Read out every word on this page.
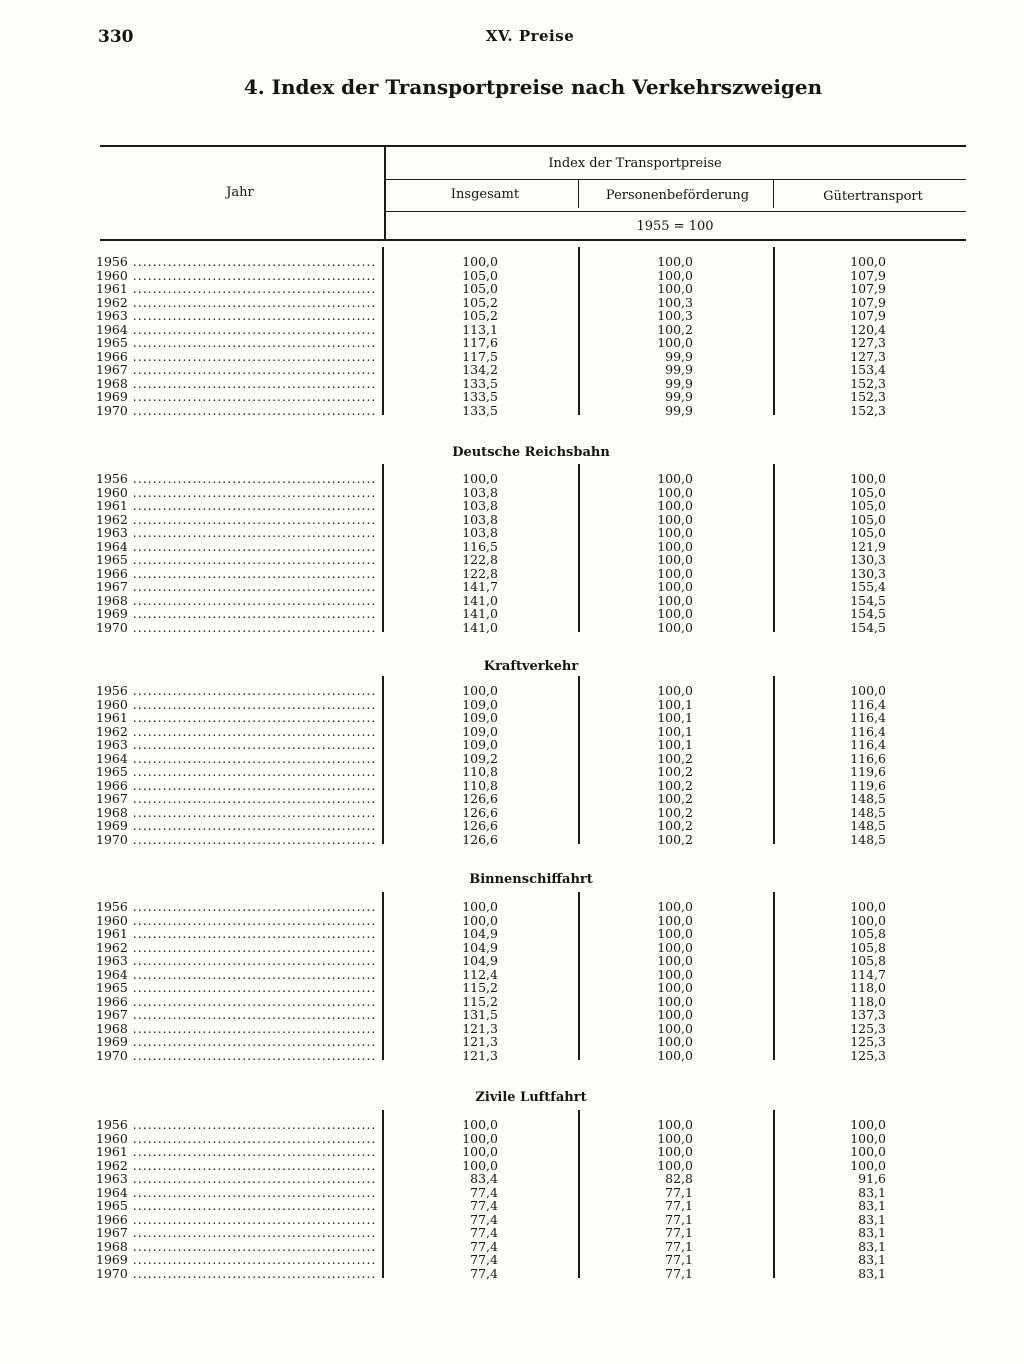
330	XV. Preise
4. Index der Transportpreise nach Verkehrszweigen
Jahr
Index der Transportpreise
Insgesamt	Personenbeförderung	Gütertransport
1955 = 100
1956 .....	100,0	100,0	100,0
1960 .....	105,0	100,0	107,9
1961 .....	105,0	100,0	107,9
1962 .....	105,2	100,3	107,9
1963 .....	105,2	100,3	107,9
1964 .....	113,1	100,2	120,4
1965 .....	117,6	100,0	127,3
1966 .....	117,5	99,9	127,3
1967 .....	134,2	99,9	153,4
1968 .....	133,5	99,9	152,3
1969 .....	133,5	99,9	152,3
1970 .....	133,5	99,9	152,3
Deutsche Reichsbahn
1956 .....	100,0	100,0	100,0
1960 .....	103,8	100,0	105,0
1961 .....	103,8	100,0	105,0
1962 .....	103,8	100,0	105,0
1963 .....	103,8	100,0	105,0
1964 .....	116,5	100,0	121,9
1965 .....	122,8	100,0	130,3
1966 .....	122,8	100,0	130,3
1967 .....	141,7	100,0	155,4
1968 .....	141,0	100,0	154,5
1969 .....	141,0	100,0	154,5
1970 .....	141,0	100,0	154,5
Kraftverkehr
1956 .....	100,0	100,0	100,0
1960 .....	109,0	100,1	116,4
1961 .....	109,0	100,1	116,4
1962 .....	109,0	100,1	116,4
1963 .....	109,0	100,1	116,4
1964 .....	109,2	100,2	116,6
1965 .....	110,8	100,2	119,6
1966 .....	110,8	100,2	119,6
1967 .....	126,6	100,2	148,5
1968 .....	126,6	100,2	148,5
1969 .....	126,6	100,2	148,5
1970 .....	126,6	100,2	148,5
Binnenschiffahrt
1956 .....	100,0	100,0	100,0
1960 .....	100,0	100,0	100,0
1961 .....	104,9	100,0	105,8
1962 .....	104,9	100,0	105,8
1963 .....	104,9	100,0	105,8
1964 .....	112,4	100,0	114,7
1965 .....	115,2	100,0	118,0
1966 .....	115,2	100,0	118,0
1967 .....	131,5	100,0	137,3
1968 .....	121,3	100,0	125,3
1969 .....	121,3	100,0	125,3
1970 .....	121,3	100,0	125,3
Zivile Luftfahrt
1956 .....	100,0	100,0	100,0
1960 .....	100,0	100,0	100,0
1961 .....	100,0	100,0	100,0
1962 .....	100,0	100,0	100,0
1963 .....	83,4	82,8	91,6
1964 .....	77,4	77,1	83,1
1965 .....	77,4	77,1	83,1
1966 .....	77,4	77,1	83,1
1967 .....	77,4	77,1	83,1
1968 .....	77,4	77,1	83,1
1969 .....	77,4	77,1	83,1
1970 .....	77,4	77,1	83,1
